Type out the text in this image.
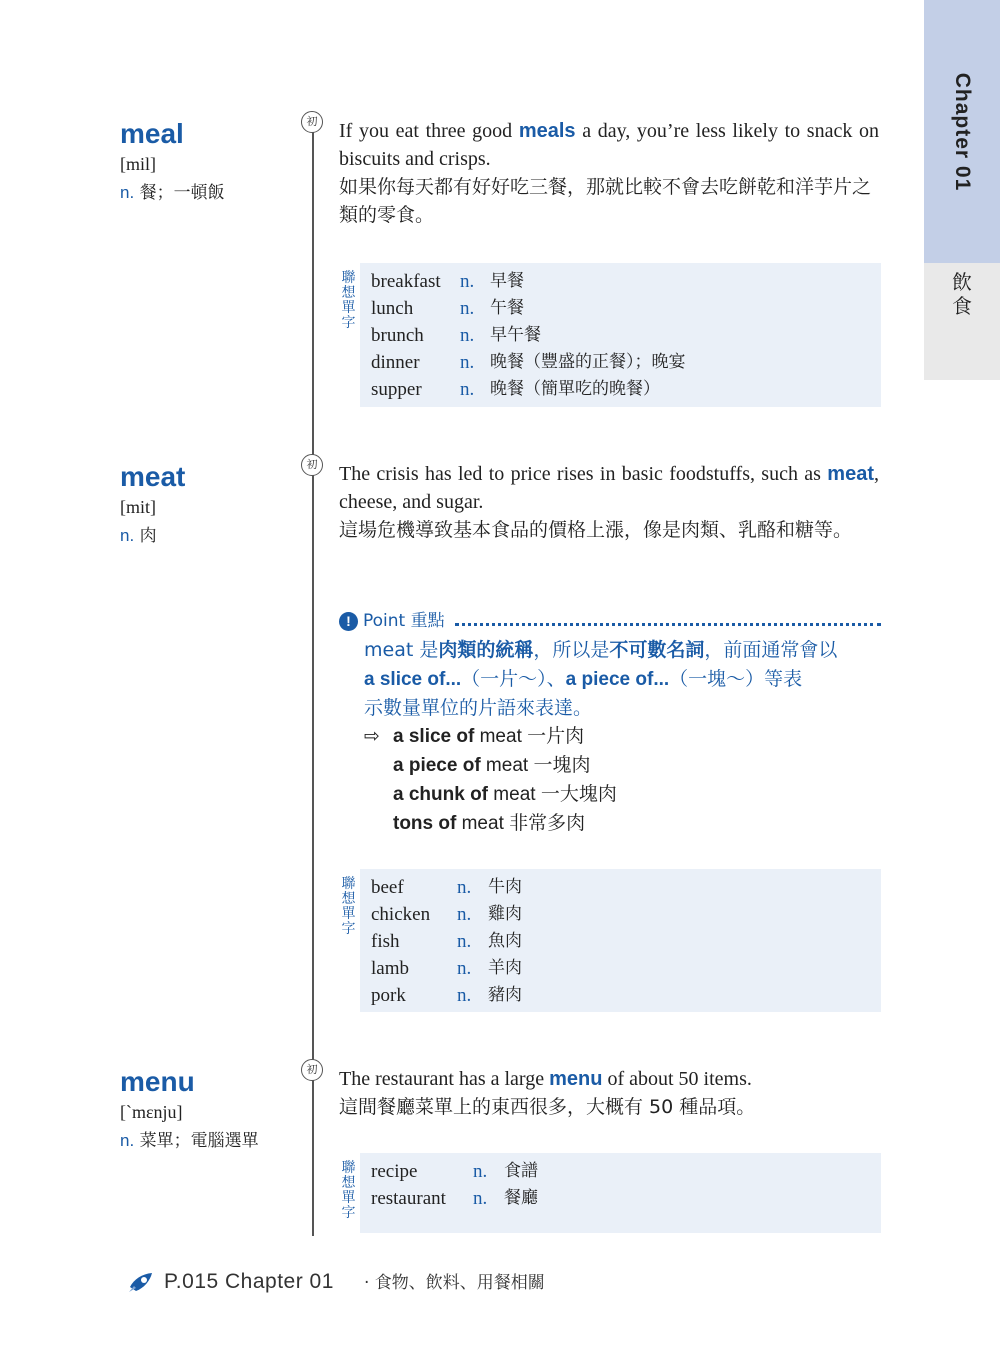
Chapter 01
飲
食
初
初
初
meal
[mil]
n. 餐；一頓飯
If you eat three good meals a day, you’re less likely to snack on biscuits and crisps.
如果你每天都有好好吃三餐，那就比較不會去吃餅乾和洋芋片之類的零食。
聯
想
單
字
breakfast n. 早餐
lunch n. 午餐
brunch n. 早午餐
dinner n. 晚餐（豐盛的正餐）；晚宴
supper n. 晚餐（簡單吃的晚餐）
meat
[mit]
n. 肉
The crisis has led to price rises in basic foodstuffs, such as meat, cheese, and sugar.
這場危機導致基本食品的價格上漲，像是肉類、乳酪和糖等。
! Point 重點
meat 是肉類的統稱，所以是不可數名詞，前面通常會以
a slice of...（一片～）、a piece of...（一塊～）等表
示數量單位的片語來表達。
⇨ a slice of meat 一片肉
a piece of meat 一塊肉
a chunk of meat 一大塊肉
tons of meat 非常多肉
聯
想
單
字
beef	n. 牛肉
chicken n. 雞肉
fish	n. 魚肉
lamb	n. 羊肉
pork	n. 豬肉
menu
[`mɛnju]
n. 菜單；電腦選單
The restaurant has a large menu of about 50 items.
這間餐廳菜單上的東西很多，大概有 50 種品項。
聯
想
單
字
recipe	n. 食譜
restaurant n. 餐廳
P.015 Chapter 01 · 食物、飲料、用餐相關
